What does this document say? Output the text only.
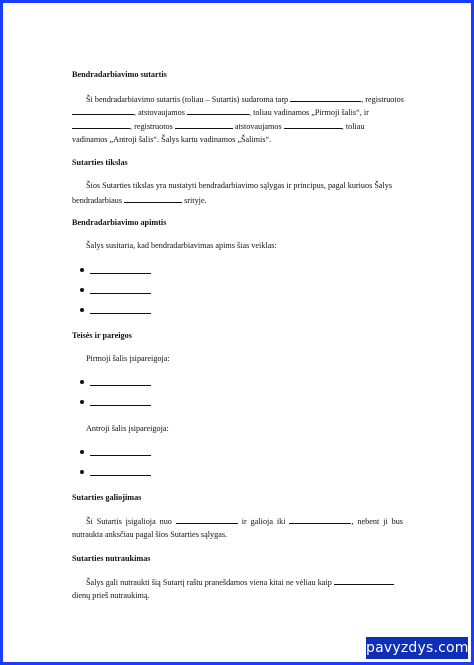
Bendradarbiavimo sutartis
Ši bendradarbiavimo sutartis (toliau – Sutartis) sudaroma tarp	, registruotos
, atstovaujamos	, toliau vadinamos „Pirmoji šalis“, ir
, registruotos	atstovaujamos	, toliau
vadinamos „Antroji šalis“. Šalys kartu vadinamos „Šalimis“.
Sutarties tikslas
Šios Sutarties tikslas yra nustatyti bendradarbiavimo sąlygas ir principus, pagal kuriuos Šalys
bendradarbiaus	srityje.
Bendradarbiavimo apimtis
Šalys susitaria, kad bendradarbiavimas apims šias veiklas:
Teisės ir pareigos
Pirmoji šalis įsipareigoja:
Antroji šalis įsipareigoja:
Sutarties galiojimas
Ši Sutartis įsigalioja nuo	ir galioja iki	, nebent ji bus
nutraukta anksčiau pagal šios Sutarties sąlygas.
Sutarties nutraukimas
Šalys gali nutraukti šią Sutartį raštu pranešdamos viena kitai ne vėliau kaip
dienų prieš nutraukimą.
pavyzdys.com
